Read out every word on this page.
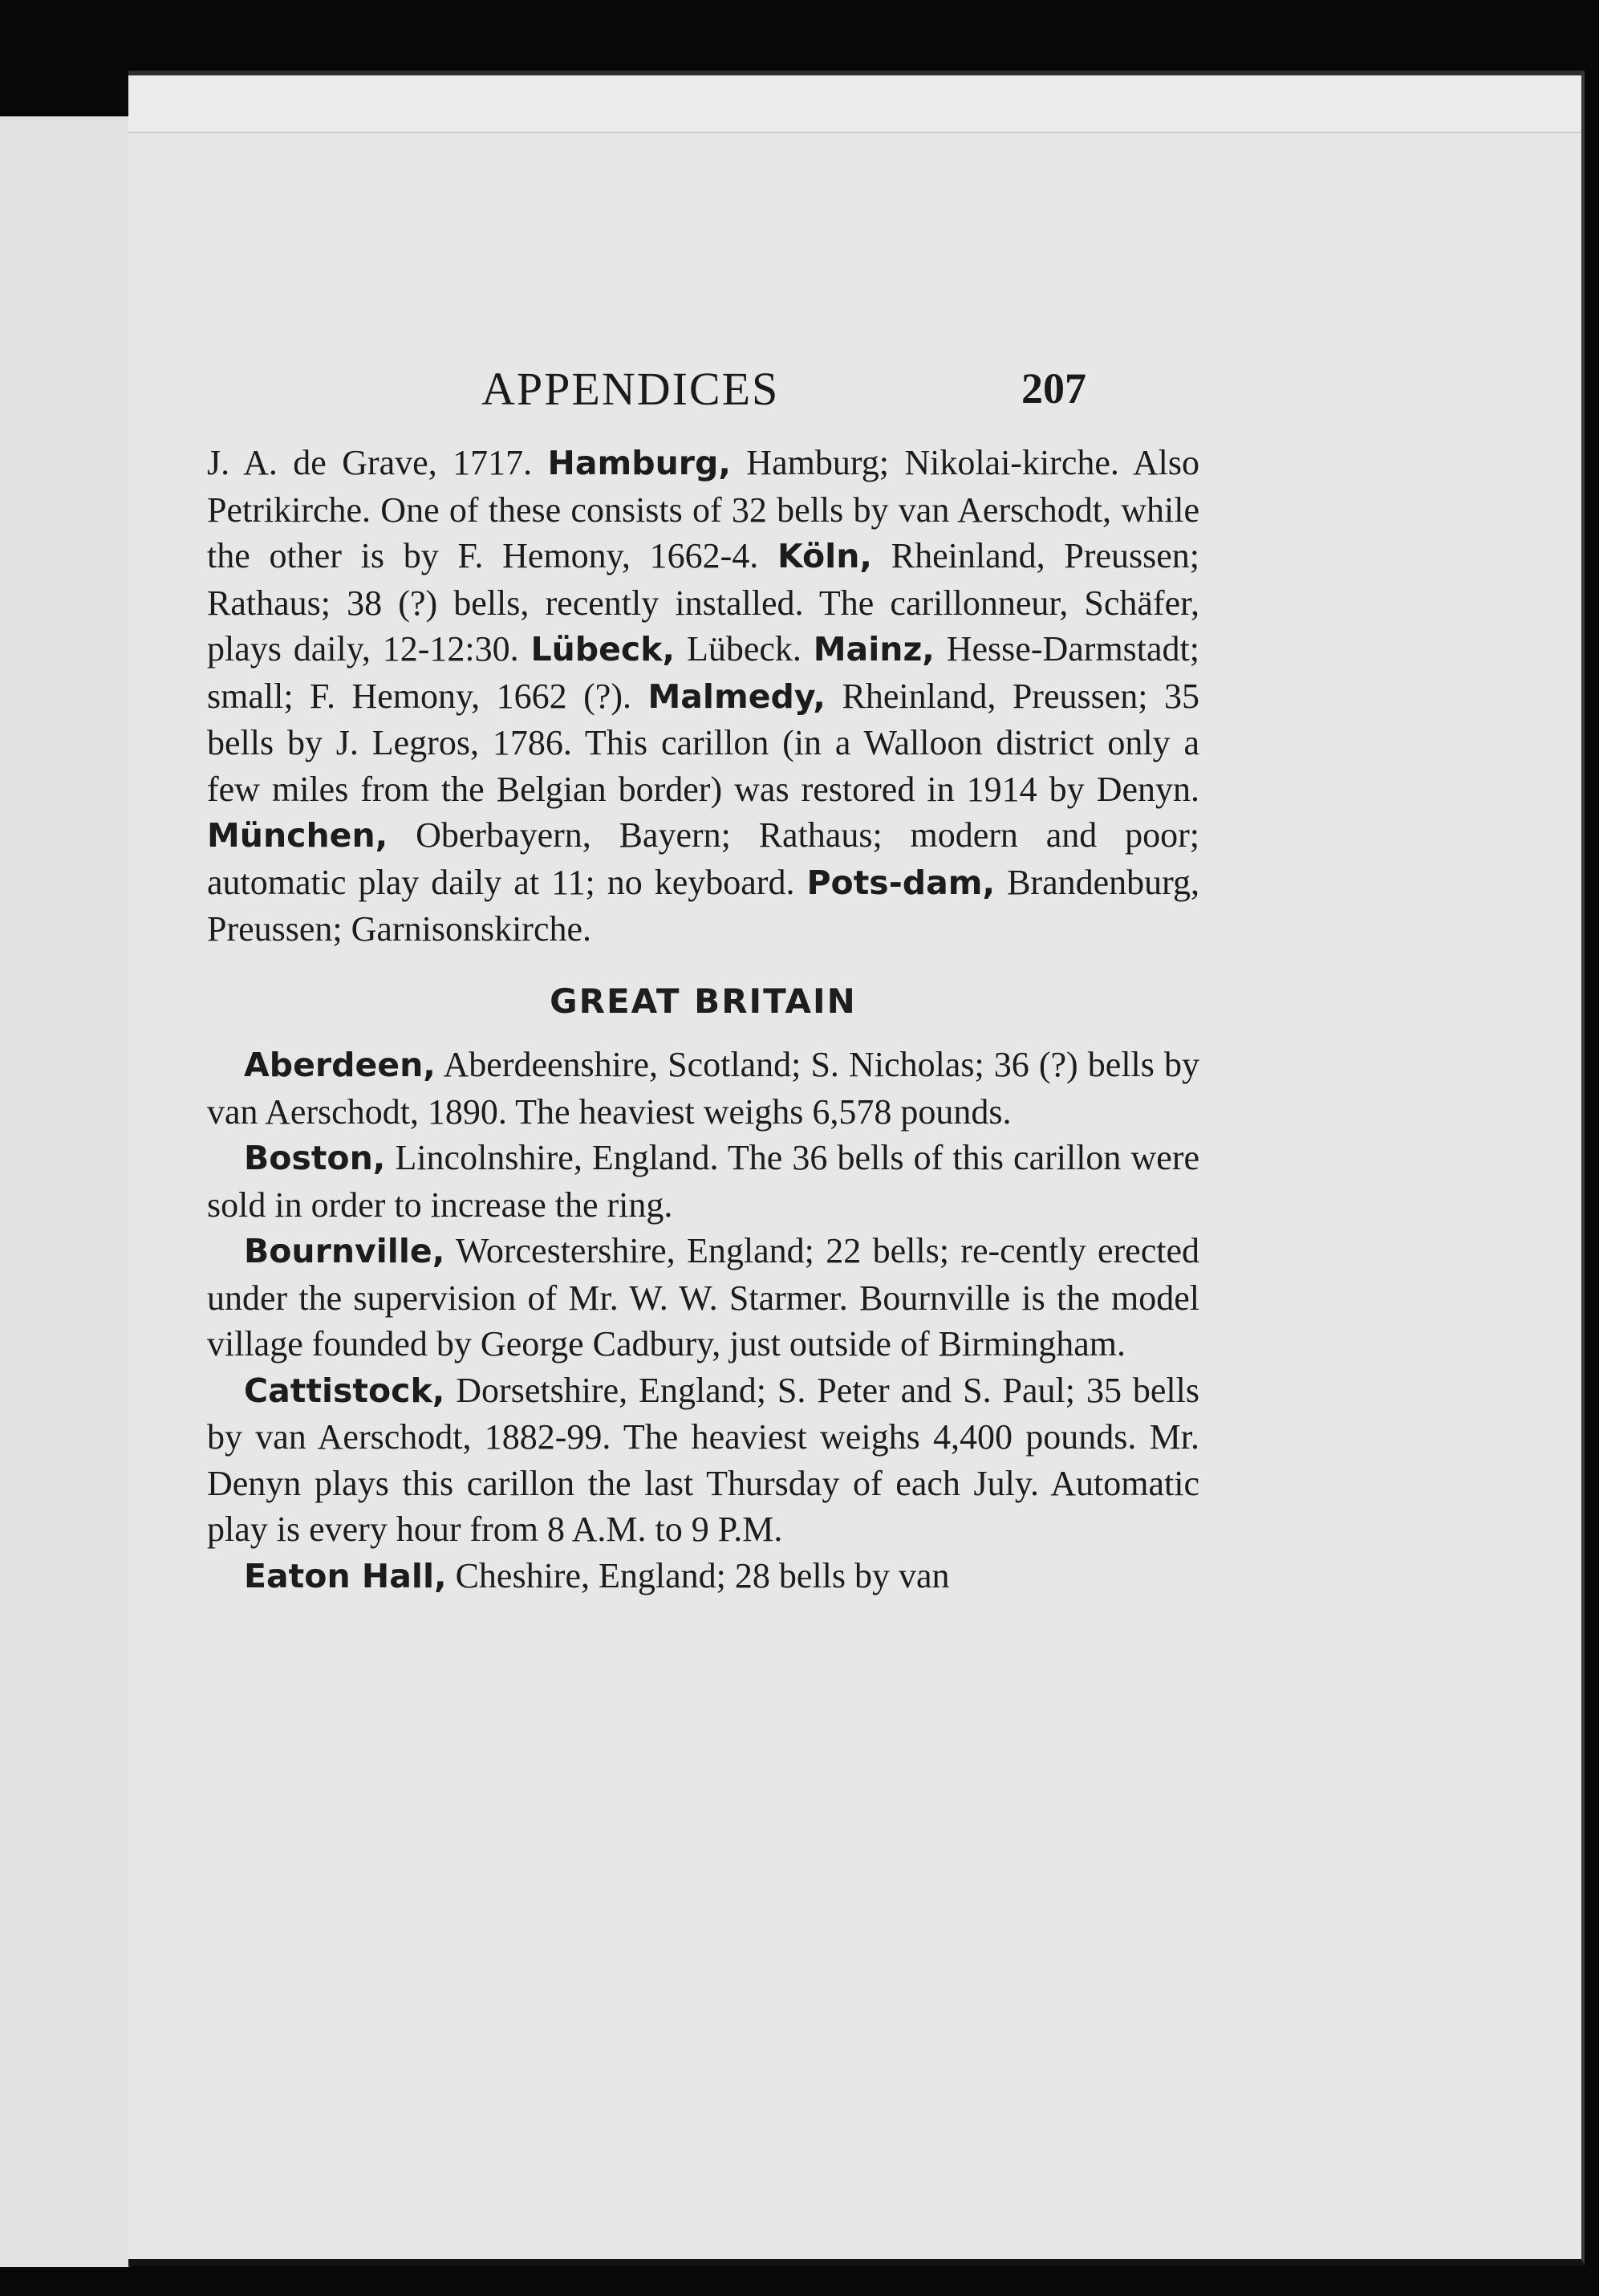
APPENDICES	207

J. A. de Grave, 1717. Hamburg, Hamburg; Nikolai-kirche. Also Petrikirche. One of these consists of 32 bells by van Aerschodt, while the other is by F. Hemony, 1662-4. Köln, Rheinland, Preussen; Rathaus; 38 (?) bells, recently installed. The carillonneur, Schäfer, plays daily, 12-12:30. Lübeck, Lübeck. Mainz, Hesse-Darmstadt; small; F. Hemony, 1662 (?). Malmedy, Rheinland, Preussen; 35 bells by J. Legros, 1786. This carillon (in a Walloon district only a few miles from the Belgian border) was restored in 1914 by Denyn. München, Oberbayern, Bayern; Rathaus; modern and poor; automatic play daily at 11; no keyboard. Pots-dam, Brandenburg, Preussen; Garnisonskirche.

GREAT BRITAIN

Aberdeen, Aberdeenshire, Scotland; S. Nicholas; 36 (?) bells by van Aerschodt, 1890. The heaviest weighs 6,578 pounds.

Boston, Lincolnshire, England. The 36 bells of this carillon were sold in order to increase the ring.

Bournville, Worcestershire, England; 22 bells; re-cently erected under the supervision of Mr. W. W. Starmer. Bournville is the model village founded by George Cadbury, just outside of Birmingham.

Cattistock, Dorsetshire, England; S. Peter and S. Paul; 35 bells by van Aerschodt, 1882-99. The heaviest weighs 4,400 pounds. Mr. Denyn plays this carillon the last Thursday of each July. Automatic play is every hour from 8 A.M. to 9 P.M.

Eaton Hall, Cheshire, England; 28 bells by van
